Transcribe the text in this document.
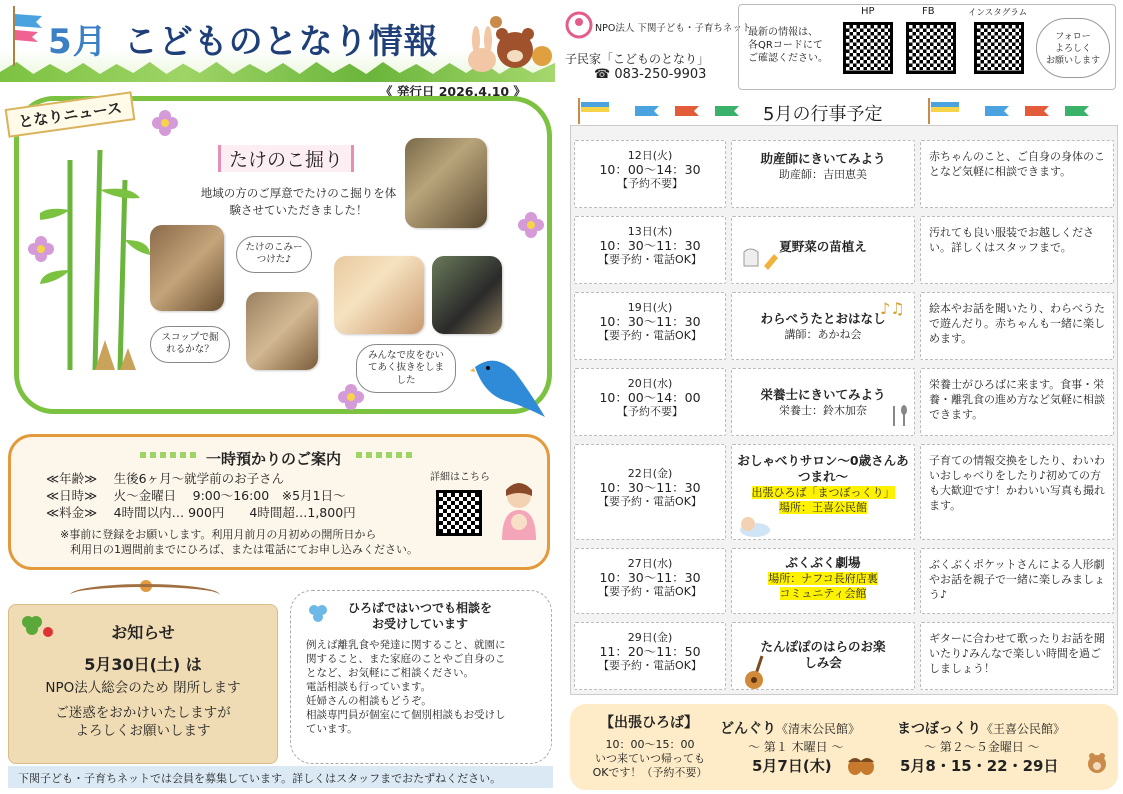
5月 こどものとなり情報
《 発行日 2026.4.10 》
となりニュース
たけのこ掘り
地域の方のご厚意でたけのこ掘りを体験させていただきました！
たけのこみーつけた♪
スコップで掘れるかな？
みんなで皮をむいてあく抜きをしました
一時預かりのご案内
≪年齢≫　 生後6ヶ月〜就学前のお子さん
≪日時≫　 火〜金曜日　 9:00〜16:00　※5月1日〜
≪料金≫　 4時間以内… 900円　　4時間超…1,800円
※事前に登録をお願いします。利用月前月の月初めの開所日から
利用日の1週間前までにひろば、または電話にてお申し込みください。
詳細はこちら
お知らせ
5月30日(土) は
NPO法人総会のため 閉所します
ご迷惑をおかけいたしますが
よろしくお願いします
ひろばではいつでも相談を
お受けしています
例えば離乳食や発達に関すること、就園に
関すること、また家庭のことやご自身のこ
となど、お気軽にご相談ください。
電話相談も行っています。
妊婦さんの相談もどうぞ。
相談専門員が個室にて個別相談もお受けし
ています。
下関子ども・子育ちネットでは会員を募集しています。詳しくはスタッフまでおたずねください。
NPO法人 下関子ども・子育ちネット
子民家「こどものとなり」
☎ 083-250-9903
最新の情報は、
各QRコードにて
ご確認ください。
HP	FB	インスタグラム
フォロー
よろしく
お願いします
5月の行事予定
12日(火)
10：00〜14：30
【予約不要】
助産師にきいてみよう
助産師：吉田恵美
赤ちゃんのこと、ご自身の身体のことなど気軽に相談できます。
13日(木)
10：30〜11：30
【要予約・電話OK】
夏野菜の苗植え
汚れても良い服装でお越しください。詳しくはスタッフまで。
19日(火)
10：30〜11：30
【要予約・電話OK】
わらべうたとおはなし
講師：あかね会
絵本やお話を聞いたり、わらべうたで遊んだり。赤ちゃんも一緒に楽しめます。
20日(水)
10：00〜14：00
【予約不要】
栄養士にきいてみよう
栄養士：鈴木加奈
栄養士がひろばに来ます。食事・栄養・離乳食の進め方など気軽に相談できます。
22日(金)
10：30〜11：30
【要予約・電話OK】
おしゃべりサロン〜0歳さんあつまれ〜
出張ひろば「まつぼっくり」
場所：王喜公民館
子育ての情報交換をしたり、わいわいおしゃべりをしたり♪初めての方も大歓迎です！かわいい写真も撮れます。
27日(水)
10：30〜11：30
【要予約・電話OK】
ぶくぶく劇場
場所：ナフコ長府店裏
コミュニティ会館
ぶくぶくポケットさんによる人形劇やお話を親子で一緒に楽しみましょう♪
29日(金)
11：20〜11：50
【要予約・電話OK】
たんぽぽのはらのお楽しみ会
ギターに合わせて歌ったりお話を聞いたり♪みんなで楽しい時間を過ごしましょう！
♪♫
【出張ひろば】
10：00〜15：00
いつ来ていつ帰っても
OKです！（予約不要）
どんぐり《清末公民館》
〜 第１ 木曜日 〜
5月7日(木)
まつぼっくり《王喜公民館》
〜 第２〜５金曜日 〜
5月8・15・22・29日
